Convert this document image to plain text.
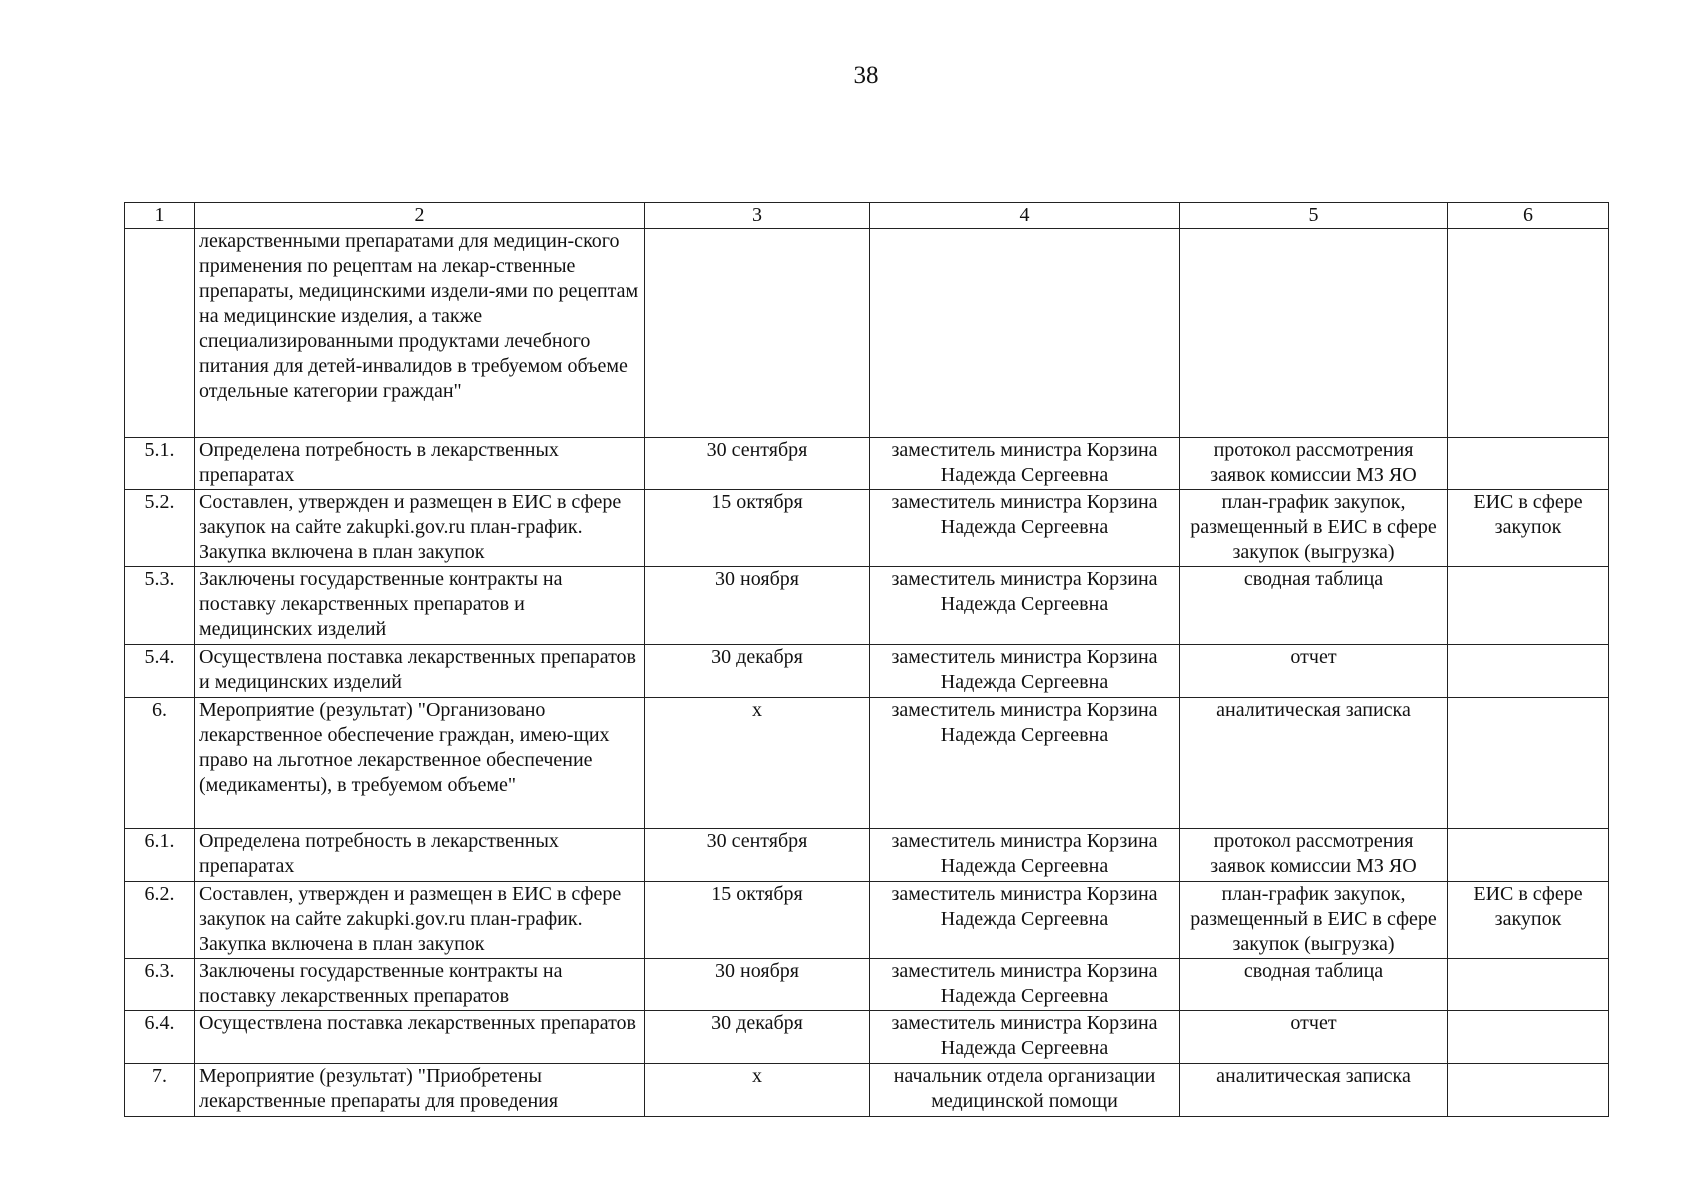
38
1	2	3	4	5	6
	лекарственными препаратами для медицин-ского применения по рецептам на лекар-ственные препараты, медицинскими издели-ями по рецептам на медицинские изделия, а также специализированными продуктами лечебного питания для детей-инвалидов в требуемом объеме отдельные категории граждан"				
5.1.	Определена потребность в лекарственных препаратах	30 сентября	заместитель министра Корзина Надежда Сергеевна	протокол рассмотрения заявок комиссии МЗ ЯО	
5.2.	Составлен, утвержден и размещен в ЕИС в сфере закупок на сайте zakupki.gov.ru план-график. Закупка включена в план закупок	15 октября	заместитель министра Корзина Надежда Сергеевна	план-график закупок, размещенный в ЕИС в сфере закупок (выгрузка)	ЕИС в сфере закупок
5.3.	Заключены государственные контракты на поставку лекарственных препаратов и медицинских изделий	30 ноября	заместитель министра Корзина Надежда Сергеевна	сводная таблица	
5.4.	Осуществлена поставка лекарственных препаратов и медицинских изделий	30 декабря	заместитель министра Корзина Надежда Сергеевна	отчет	
6.	Мероприятие (результат) "Организовано лекарственное обеспечение граждан, имею-щих право на льготное лекарственное обеспечение (медикаменты), в требуемом объеме"	х	заместитель министра Корзина Надежда Сергеевна	аналитическая записка	
6.1.	Определена потребность в лекарственных препаратах	30 сентября	заместитель министра Корзина Надежда Сергеевна	протокол рассмотрения заявок комиссии МЗ ЯО	
6.2.	Составлен, утвержден и размещен в ЕИС в сфере закупок на сайте zakupki.gov.ru план-график. Закупка включена в план закупок	15 октября	заместитель министра Корзина Надежда Сергеевна	план-график закупок, размещенный в ЕИС в сфере закупок (выгрузка)	ЕИС в сфере закупок
6.3.	Заключены государственные контракты на поставку лекарственных препаратов	30 ноября	заместитель министра Корзина Надежда Сергеевна	сводная таблица	
6.4.	Осуществлена поставка лекарственных препаратов	30 декабря	заместитель министра Корзина Надежда Сергеевна	отчет	
7.	Мероприятие (результат) "Приобретены лекарственные препараты для проведения	х	начальник отдела организации медицинской помощи	аналитическая записка	
